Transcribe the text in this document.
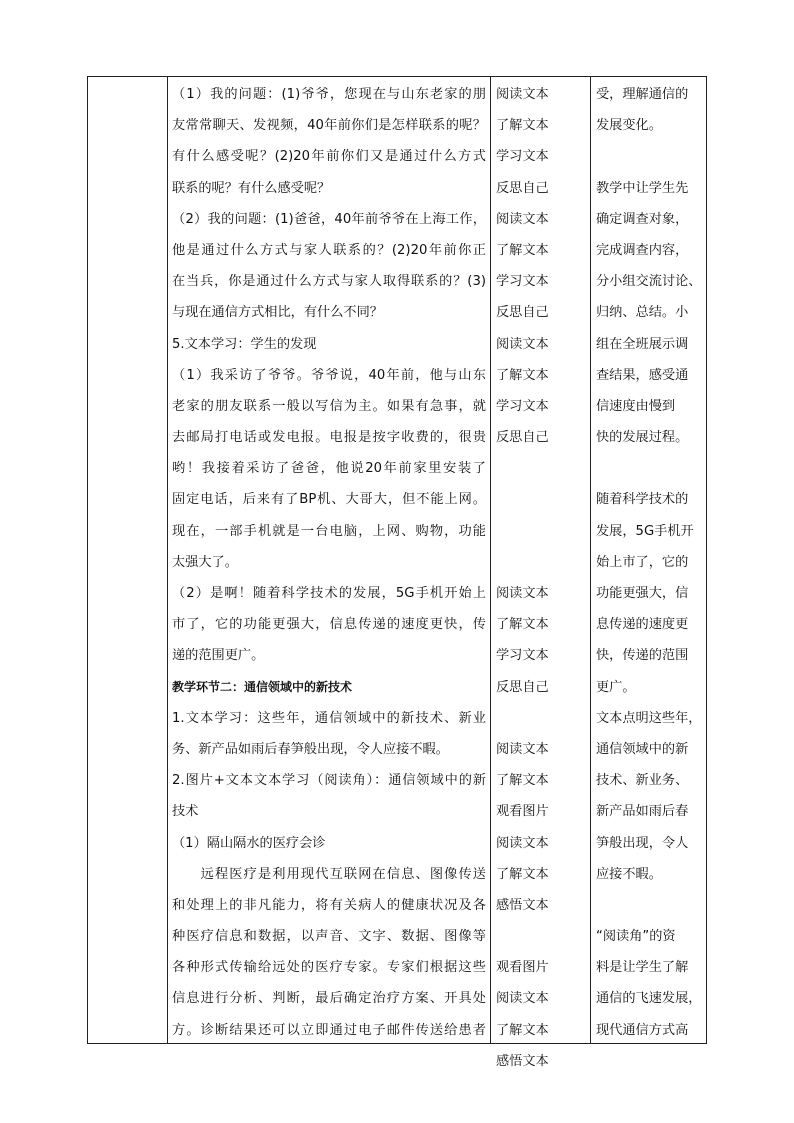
（1）我的问题：(1)爷爷，您现在与山东老家的朋
友常常聊天、发视频，40年前你们是怎样联系的呢？
有什么感受呢？(2)20年前你们又是通过什么方式
联系的呢？有什么感受呢？
（2）我的问题：(1)爸爸，40年前爷爷在上海工作，
他是通过什么方式与家人联系的？(2)20年前你正
在当兵，你是通过什么方式与家人取得联系的？(3)
与现在通信方式相比，有什么不同？
5.文本学习：学生的发现
（1）我采访了爷爷。爷爷说，40年前，他与山东
老家的朋友联系一般以写信为主。如果有急事，就
去邮局打电话或发电报。电报是按字收费的，很贵
哟！我接着采访了爸爸，他说20年前家里安装了
固定电话，后来有了BP机、大哥大，但不能上网。
现在，一部手机就是一台电脑，上网、购物，功能
太强大了。
（2）是啊！随着科学技术的发展，5G手机开始上
市了，它的功能更强大，信息传递的速度更快，传
递的范围更广。
教学环节二：通信领域中的新技术
1.文本学习：这些年，通信领域中的新技术、新业
务、新产品如雨后春笋般出现，令人应接不暇。
2.图片+文本文本学习（阅读角）：通信领域中的新
技术
（1）隔山隔水的医疗会诊
　　远程医疗是利用现代互联网在信息、图像传送
和处理上的非凡能力，将有关病人的健康状况及各
种医疗信息和数据，以声音、文字、数据、图像等
各种形式传输给远处的医疗专家。专家们根据这些
信息进行分析、判断，最后确定治疗方案、开具处
方。诊断结果还可以立即通过电子邮件传送给患者
阅读文本
了解文本
学习文本
反思自己
阅读文本
了解文本
学习文本
反思自己
阅读文本
了解文本
学习文本
反思自己
阅读文本
了解文本
学习文本
反思自己
阅读文本
了解文本
观看图片
阅读文本
了解文本
感悟文本
观看图片
阅读文本
了解文本
感悟文本
受，理解通信的
发展变化。
教学中让学生先
确定调查对象，
完成调查内容，
分小组交流讨论、
归纳、总结。小
组在全班展示调
查结果，感受通
信速度由慢到
快的发展过程。
随着科学技术的
发展，5G手机开
始上市了，它的
功能更强大，信
息传递的速度更
快，传递的范围
更广。
文本点明这些年，
通信领域中的新
技术、新业务、
新产品如雨后春
笋般出现，令人
应接不暇。
“阅读角”的资
料是让学生了解
通信的飞速发展，
现代通信方式高
